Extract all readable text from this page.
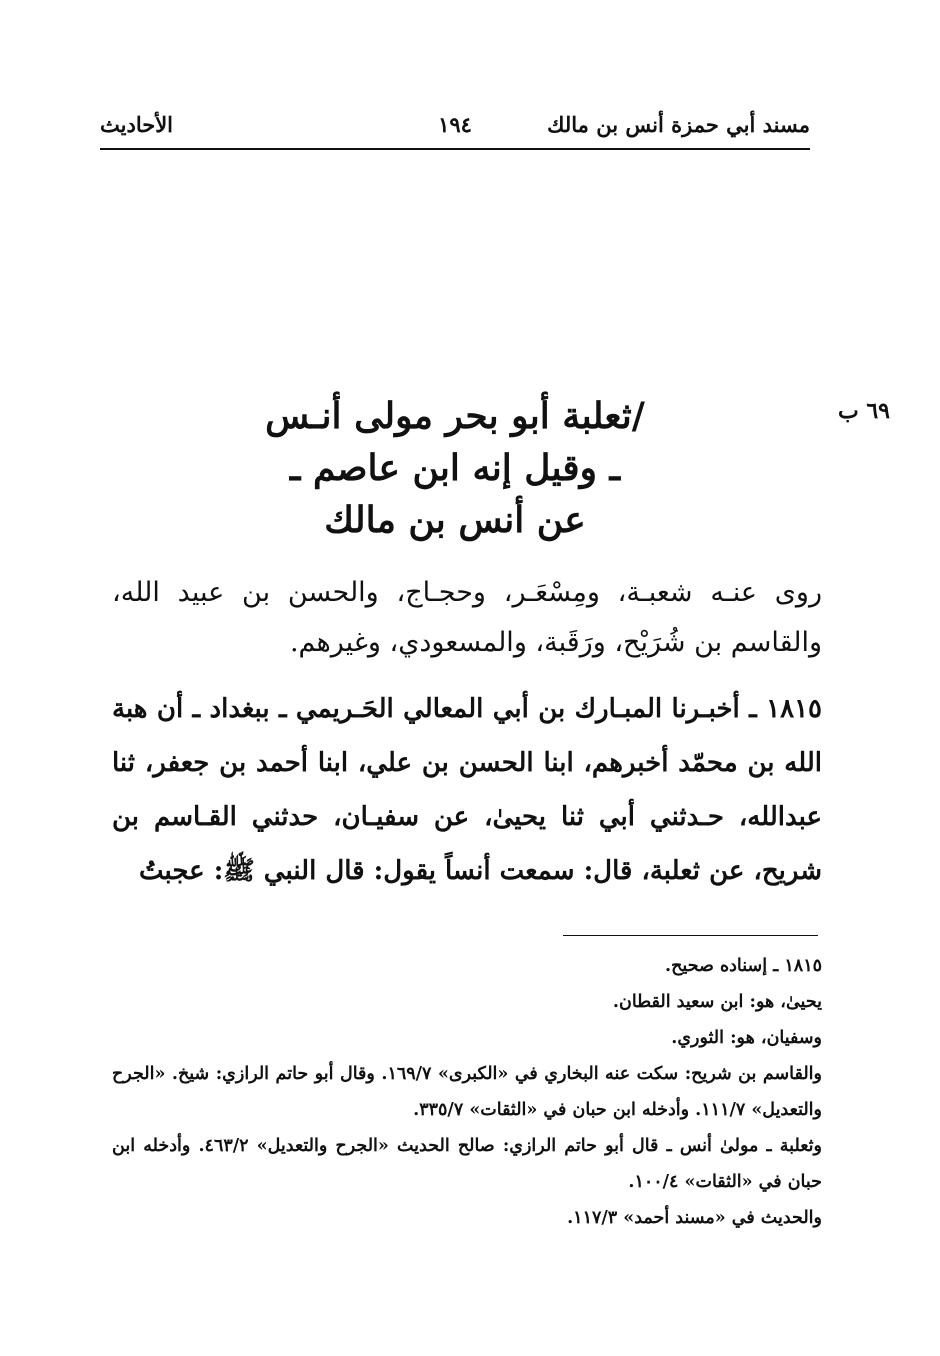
مسند أبي حمزة أنس بن مالك
١٩٤
الأحاديث
٦٩ ب
/ثعلبة أبو بحر مولى أنـس
ـ وقيل إنه ابن عاصم ـ
عن أنس بن مالك
روى عنـه شعبـة، ومِسْعَـر، وحجـاج، والحسن بن عبيد الله، والقاسم بن شُرَيْح، ورَقَبة، والمسعودي، وغيرهم.
١٨١٥ ـ أخبـرنا المبـارك بن أبي المعالي الحَـريمي ـ ببغداد ـ أن هبة الله بن محمّد أخبرهم، ابنا الحسن بن علي، ابنا أحمد بن جعفر، ثنا عبدالله، حـدثني أبي ثنا يحيىٰ، عن سفيـان، حدثني القـاسم بن شريح، عن ثعلبة، قال: سمعت أنساً يقول: قال النبي ﷺ: عجبتُ

١٨١٥ ـ إسناده صحيح.

يحيىٰ، هو: ابن سعيد القطان.

وسفيان، هو: الثوري.

والقاسم بن شريح: سكت عنه البخاري في «الكبرى» ١٦٩/٧. وقال أبو حاتم الرازي: شيخ. «الجرح والتعديل» ١١١/٧. وأدخله ابن حبان في «الثقات» ٣٣٥/٧.

وثعلبة ـ مولىٰ أنس ـ قال أبو حاتم الرازي: صالح الحديث «الجرح والتعديل» ٤٦٣/٢. وأدخله ابن حبان في «الثقات» ١٠٠/٤.

والحديث في «مسند أحمد» ١١٧/٣.
